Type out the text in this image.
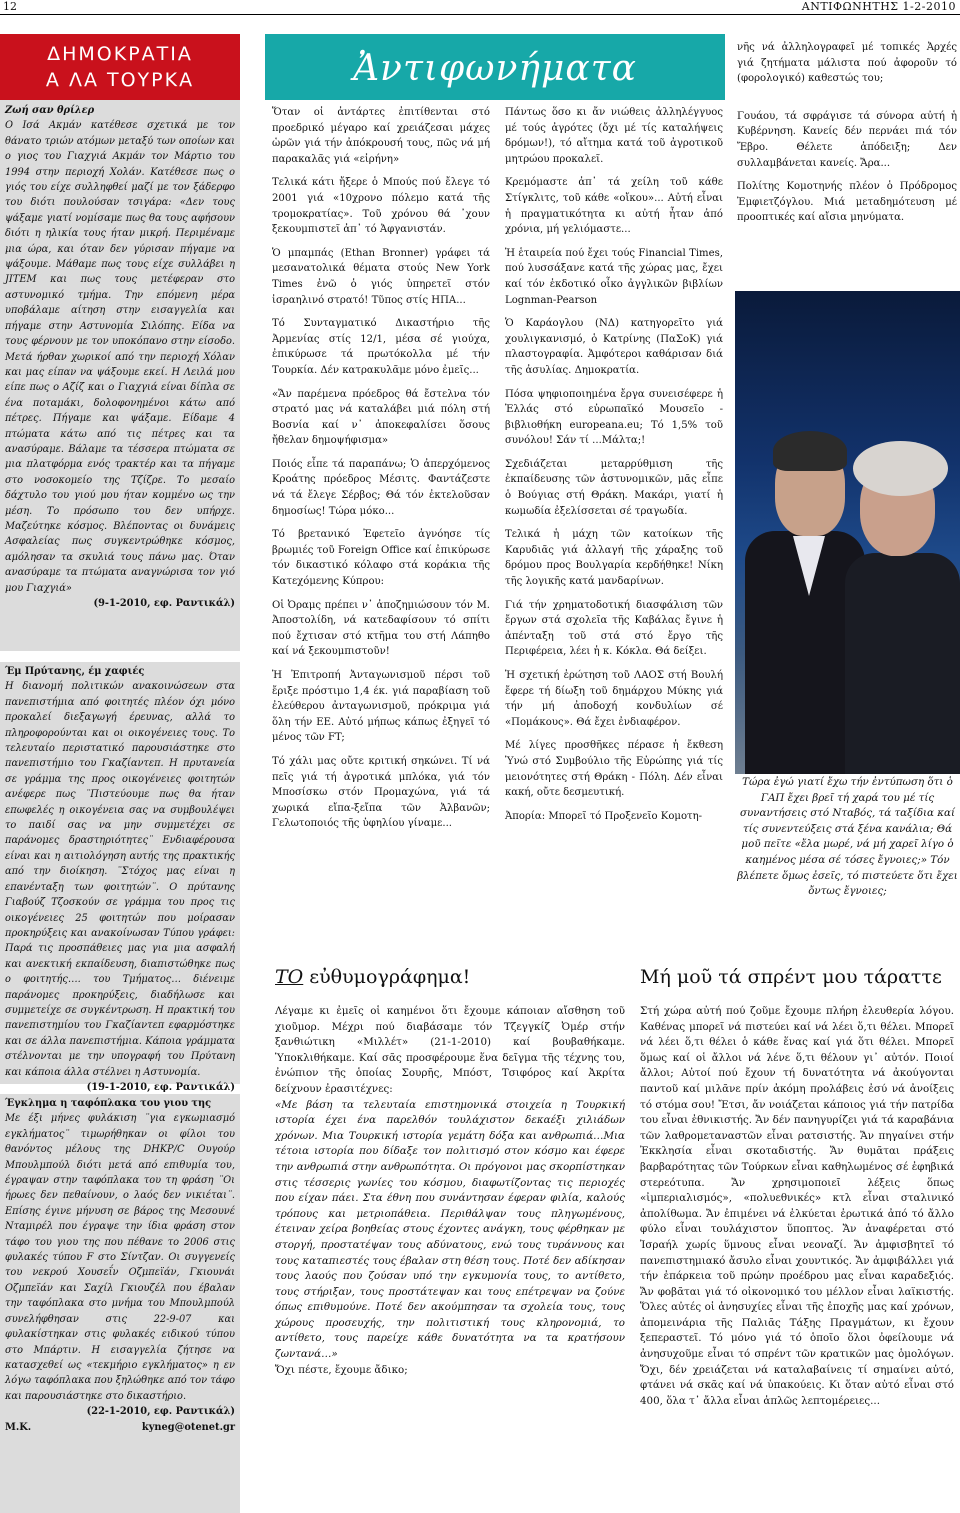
12	ΑΝΤΙΦΩΝΗΤΗΣ 1-2-2010
ΔΗΜΟΚΡΑΤΙΑ
Α ΛΑ ΤΟΥΡΚΑ
Ζωή σαν θρίλερ
Ο Ισά Ακμάν κατέθεσε σχετικά με τον θάνατο τριών ατόμων μεταξύ των οποίων και ο γιος του Γιαχγιά Ακμάν τον Μάρτιο του 1994 στην περιοχή Χολάν. Κατέθεσε πως ο γιός του είχε συλληφθεί μαζί με τον ξάδερφο του διότι πουλούσαν τσιγάρα: «Δεν τους ψάξαμε γιατί νομίσαμε πως θα τους αφήσουν διότι η ηλικία τους ήταν μικρή. Περιμέναμε μια ώρα, και όταν δεν γύρισαν πήγαμε να ψάξουμε. Μάθαμε πως τους είχε συλλάβει η JITEM και πως τους μετέφεραν στο αστυνομικό τμήμα. Την επόμενη μέρα υποβάλαμε αίτηση στην εισαγγελία και πήγαμε στην Αστυνομία Σιλόπης. Είδα να τους φέρνουν με τον υποκόπανο στην είσοδο. Μετά ήρθαν χωρικοί από την περιοχή Χόλαν και μας είπαν να ψάξουμε εκεί. Η Λειλά μου είπε πως ο Αζίζ και ο Γιαχγιά είναι δίπλα σε ένα ποταμάκι, δολοφονημένοι κάτω από πέτρες. Πήγαμε και ψάξαμε. Είδαμε 4 πτώματα κάτω από τις πέτρες και τα ανασύραμε. Βάλαμε τα τέσσερα πτώματα σε μια πλατφόρμα ενός τρακτέρ και τα πήγαμε στο νοσοκομείο της Τζίζρε. Το μεσαίο δάχτυλο του γιού μου ήταν κομμένο ως την μέση. Το πρόσωπο του δεν υπήρχε. Μαζεύτηκε κόσμος. Βλέποντας οι δυνάμεις Ασφαλείας πως συγκεντρώθηκε κόσμος, αμόλησαν τα σκυλιά τους πάνω μας. Όταν ανασύραμε τα πτώματα αναγνώρισα τον γιό μου Γιαχγιά»
(9-1-2010, εφ. Ραντικάλ)
Έμ Πρύτανης, έμ χαφιές
Η διανομή πολιτικών ανακοινώσεων στα πανεπιστήμια από φοιτητές πλέον όχι μόνο προκαλεί διεξαγωγή έρευνας, αλλά το πληροφορούνται και οι οικογένειες τους. Το τελευταίο περιστατικό παρουσιάστηκε στο πανεπιστήμιο του Γκαζίαντεπ. Η πρυτανεία σε γράμμα της προς οικογένειες φοιτητών ανέφερε πως ¨Πιστεύουμε πως θα ήταν επωφελές η οικογένεια σας να συμβουλέψει το παιδί σας να μην συμμετέχει σε παράνομες δραστηριότητες¨ Ενδιαφέρουσα είναι και η αιτιολόγηση αυτής της πρακτικής από την διοίκηση. ¨Στόχος μας είναι η επανένταξη των φοιτητών¨. Ο πρύτανης Γιαβούζ Τζοσκούν σε γράμμα του προς τις οικογένειες 25 φοιτητών που μοίρασαν προκηρύξεις και ανακοίνωσαν Τύπου γράφει: Παρά τις προσπάθειες μας για μια ασφαλή και ανεκτική εκπαίδευση, διαπιστώθηκε πως ο φοιτητής…. του Τμήματος… διένειμε παράνομες προκηρύξεις, διαδήλωσε και συμμετείχε σε συγκέντρωση. Η πρακτική του πανεπιστημίου του Γκαζίαντεπ εφαρμόστηκε και σε άλλα πανεπιστήμια. Κάποια γράμματα στέλνονται με την υπογραφή του Πρύτανη και κάποια άλλα στέλνει η Αστυνομία.
(19-1-2010, εφ. Ραντικάλ)
Έγκλημα η ταφόπλακα του γιου της
Με έξι μήνες φυλάκιση ¨για εγκωμιασμό εγκλήματος¨ τιμωρήθηκαν οι φίλοι του θανόντος μέλους της DHKP/C Ουγούρ Μπουλμπούλ διότι μετά από επιθυμία του, έγραψαν στην ταφόπλακα του τη φράση ¨Οι ήρωες δεν πεθαίνουν, ο λαός δεν νικιέται¨. Επίσης έγινε μήνυση σε βάρος της Μεσουνέ Νταμιρέλ που έγραψε την ίδια φράση στον τάφο του γιου της που πέθανε το 2006 στις φυλακές τύπου F στο Σίντζαν. Οι συγγενείς του νεκρού Χουσεΐν Οζμπεϊάν, Γκιουνάι Οζμπεϊάν και Σαχίλ Γκιουζέλ που έβαλαν την ταφόπλακα στο μνήμα του Μπουλμπούλ συνελήφθησαν στις 22-9-07 και φυλακίστηκαν στις φυλακές ειδικού τύπου στο Μπάρτιν. Η εισαγγελία ζήτησε να κατασχεθεί ως «τεκμήριο εγκλήματος» η εν λόγω ταφόπλακα που ξηλώθηκε από τον τάφο και παρουσιάστηκε στο δικαστήριο.
(22-1-2010, εφ. Ραντικάλ)
Μ.Κ.	kyneg@otenet.gr
Ἀντιφωνήματα

Ὅταν οἱ ἀντάρτες ἐπιτίθενται στό προεδρικό μέγαρο καί χρειάζεσαι μάχες ὡρῶν γιά τήν ἀπόκρουσή τους, πῶς νά μή παρακαλᾶς γιά «εἰρήνη»

Τελικά κάτι ἤξερε ὁ Μπούς πού ἔλεγε τό 2001 γιά «10χρονο πόλεμο κατά τῆς τρομοκρατίας». Τοῦ χρόνου θά ᾽χουν ξεκουμπιστεῖ ἀπ᾽ τό Ἀφγανιστάν.

Ὁ μπαμπάς (Ethan Bronner) γράφει τά μεσανατολικά θέματα στούς New York Times ἐνῶ ὁ γιός ὑπηρετεῖ στόν ἰσραηλινό στρατό! Τῦπος στίς ΗΠΑ...

Τό Συνταγματικό Δικαστήριο τῆς Ἀρμενίας στίς 12/1, μέσα σέ γιούχα, ἐπικύρωσε τά πρωτόκολλα μέ τήν Τουρκία. Δέν κατρακυλᾶμε μόνο ἐμεῖς...

«Ἄν παρέμενα πρόεδρος θά ἔστελνα τόν στρατό μας νά καταλάβει μιά πόλη στή Βοσνία καί ν᾽ ἀποκεφαλίσει ὅσους ἤθελαν δημοψήφισμα»

Ποιός εἶπε τά παραπάνω; Ὁ ἀπερχόμενος Κροάτης πρόεδρος Μέσιτς. Φαντάζεστε νά τά ἔλεγε Σέρβος; Θά τόν ἐκτελοῦσαν δημοσίως! Τώρα μόκο...

Τό βρετανικό Ἐφετεῖο ἀγνόησε τίς βρωμιές τοῦ Foreign Office καί ἐπικύρωσε τόν δικαστικό κόλαφο στά κοράκια τῆς Κατεχόμενης Κύπρου:

Οἱ Ὀραμς πρέπει ν᾽ ἀποζημιώσουν τόν Μ. Ἀποστολίδη, νά κατεδαφίσουν τό σπίτι πού ἔχτισαν στό κτῆμα του στή Λάπηθο καί νά ξεκουμπιστοῦν!

Ἡ Ἐπιτροπή Ἀνταγωνισμοῦ πέρσι τοῦ ἔριξε πρόστιμο 1,4 έκ. γιά παραβίαση τοῦ ἐλεύθερου ἀνταγωνισμοῦ, πρόκριμα γιά ὅλη τήν ΕΕ. Αὐτό μήπως κάπως ἐξηγεῖ τό μένος τῶν FT;

Τό χάλι μας οὔτε κριτική σηκώνει. Τί νά πεῖς γιά τή ἀγροτικά μπλόκα, γιά τόν Μποσίσκω στόν Προμαχώνα, γιά τά χωρικά εἴπα-ξεἴπα τῶν Ἀλβανῶν; Γελωτοποιός τῆς ὑφηλίου γίναμε...

Πάντως ὅσο κι ἄν νιώθεις ἀλληλέγγυος μέ τούς ἀγρότες (ὄχι μέ τίς καταλήψεις δρόμων!), τό αἴτημα κατά τοῦ ἀγροτικοῦ μητρώου προκαλεῖ.

Κρεμόμαστε ἀπ᾽ τά χείλη τοῦ κάθε Στίγκλιτς, τοῦ κάθε «οἴκου»... Αὐτή εἶναι ἡ πραγματικότητα κι αὐτή ἦταν ἀπό χρόνια, μή γελιόμαστε...

Ἡ ἑταιρεία πού ἔχει τούς Financial Times, πού λυσσάξανε κατά τῆς χώρας μας, ἔχει καί τόν ἐκδοτικό οἶκο ἀγγλικῶν βιβλίων Lognman-Pearson

Ὁ Καράογλου (ΝΔ) κατηγορεῖτο γιά χουλιγκανισμό, ὁ Κατρίνης (ΠαΣοΚ) γιά πλαστογραφία. Ἀμφότεροι καθάρισαν διά τῆς ἀσυλίας. Δημοκρατία.

Πόσα ψηφιοποιημένα ἔργα συνεισέφερε ἡ Ἑλλάς στό εὐρωπαϊκό Μουσεῖο - βιβλιοθήκη europeana.eu; Τό 1,5% τοῦ συνόλου! Σάν τί ...Μάλτα;!

Σχεδιάζεται μεταρρύθμιση τῆς ἐκπαίδευσης τῶν ἀστυνομικῶν, μᾶς εἶπε ὁ Βούγιας στή Θράκη. Μακάρι, γιατί ἡ κωμωδία ἐξελίσσεται σέ τραγωδία.

Τελικά ἡ μάχη τῶν κατοίκων τῆς Καρυδιᾶς γιά ἀλλαγή τῆς χάραξης τοῦ δρόμου προς Βουλγαρία κερδήθηκε! Νίκη τῆς λογικῆς κατά μανδαρίνων.

Γιά τήν χρηματοδοτική διασφάλιση τῶν ἔργων στά σχολεῖα τῆς Καβάλας ἔγινε ἡ ἀπένταξη τοῦ στά στό ἔργο τῆς Περιφέρεια, λέει ἡ κ. Κόκλα. Θά δείξει.

Ἡ σχετική ἐρώτηση τοῦ ΛΑΟΣ στή Βουλή ἔφερε τή δίωξη τοῦ δημάρχου Μύκης γιά τήν μή ἀποδοχή κονδυλίων σέ «Πομάκους». Θά ἔχει ἐνδιαφέρον.

Μέ λίγες προσθῆκες πέρασε ἡ ἔκθεση Ὑνώ στό Συμβούλιο τῆς Εὐρώπης γιά τίς μειονότητες στή Θράκη - Πόλη. Δέν εἶναι κακή, οὔτε δεσμευτική.

Ἀπορία: Μπορεῖ τό Προξενεῖο Κομοτη-

νῆς νά ἀλληλογραφεῖ μέ τοπικές Ἀρχές γιά ζητήματα μάλιστα πού ἀφοροῦν τό (φορολογικό) καθεστώς του;

Γουάου, τά σφράγισε τά σύνορα αὐτή ἡ Κυβέρνηση. Κανείς δέν περνάει πιά τόν Ἔβρο. Θέλετε ἀπόδειξη; Δεν συλλαμβάνεται κανείς. Ἄρα...

Πολίτης Κομοτηνής πλέον ὁ Πρόδρομος Ἐμφιετζόγλου. Μιά μεταδημότευση μέ προοπτικές καί αἴσια μηνύματα.

Τώρα ἐγώ γιατί ἔχω τήν ἐντύπωση ὅτι ὁ ΓΑΠ ἔχει βρεῖ τή χαρά του μέ τίς συναντήσεις στό Νταβός, τά ταξίδια καί τίς συνεντεύξεις στά ξένα κανάλια; Θά μοῦ πεῖτε «ἔλα μωρέ, νά μή χαρεῖ λίγο ὁ καημένος μέσα σέ τόσες ἔγνοιες;» Τόν βλέπετε ὅμως ἐσεῖς, τό πιστεύετε ὅτι ἔχει ὄντως ἔγνοιες;
ΤΟ εὐθυμογράφημα!
Λέγαμε κι ἐμεῖς οἱ καημένοι ὅτι ἔχουμε κάποιαν αἴσθηση τοῦ χιοῦμορ. Μέχρι πού διαβάσαμε τόν Τζεγγκίζ Ὀμέρ στήν ξανθιώτικη «Μιλλέτ» (21-1-2010) καί βουβαθήκαμε. Ὑποκλιθήκαμε. Καί σᾶς προσφέρουμε ἕνα δεῖγμα τῆς τέχνης του, ἐνώπιον τῆς ὁποίας Σουρῆς, Μπόστ, Τσιφόρος καί Ἀκρίτα δείχνουν ἐρασιτέχνες:
«Με βάση τα τελευταία επιστημονικά στοιχεία η Τουρκική ιστορία έχει ένα παρελθόν τουλάχιστον δεκαέξι χιλιάδων χρόνων. Μια Τουρκική ιστορία γεμάτη δόξα και ανθρωπιά…Μια τέτοια ιστορία που δίδαξε τον πολιτισμό στον κόσμο και έφερε την ανθρωπιά στην ανθρωπότητα. Οι πρόγονοι μας σκορπίστηκαν στις τέσσερις γωνίες του κόσμου, διαφωτίζοντας τις περιοχές που είχαν πάει. Στα έθνη που συνάντησαν έφεραν φιλία, καλούς τρόπους και μετριοπάθεια. Περιθάλψαν τους πληγωμένους, έτειναν χείρα βοηθείας στους έχοντες ανάγκη, τους φέρθηκαν με στοργή, προστατέψαν τους αδύνατους, ενώ τους τυράννους και τους καταπιεστές τους έβαλαν στη θέση τους. Ποτέ δεν αδίκησαν τους λαούς που ζούσαν υπό την εγκυμονία τους, το αντίθετο, τους στήριξαν, τους προστάτεψαν και τους επέτρεψαν να ζούνε όπως επιθυμούνε. Ποτέ δεν ακούμπησαν τα σχολεία τους, τους χώρους προσευχής, την πολιτιστική τους κληρονομιά, το αντίθετο, τους παρείχε κάθε δυνατότητα να τα κρατήσουν ζωντανά…»
Ὄχι πέστε, ἔχουμε ἄδικο;
Μή μοῦ τά σπρέντ μου τάραττε
Στή χώρα αὐτή πού ζοῦμε ἔχουμε πλήρη ἐλευθερία λόγου. Καθένας μπορεῖ νά πιστεύει καί νά λέει ὅ,τι θέλει. Μπορεῖ νά λέει ὅ,τι θέλει ὁ κάθε ἕνας καί γιά ὅτι θέλει. Μπορεῖ ὅμως καί οἱ ἄλλοι νά λένε ὅ,τι θέλουν γι᾽ αὐτόν. Ποιοί ἄλλοι; Αὐτοί πού ἔχουν τή δυνατότητα νά ἀκούγονται παντοῦ καί μιλᾶνε πρίν ἀκόμη προλάβεις ἐσύ νά ἀνοίξεις τό στόμα σου! Ἔτσι, ἄν νοιάζεται κάποιος γιά τήν πατρίδα του εἶναι ἐθνικιστής. Ἄν δέν πανηγυρίζει γιά τά καραβάνια τῶν λαθρομεταναστῶν εἶναι ρατσιστής. Ἄν πηγαίνει στήν Ἐκκλησία εἶναι σκοταδιστής. Ἄν θυμᾶται πράξεις βαρβαρότητας τῶν Τούρκων εἶναι καθηλωμένος σέ ἐφηβικά στερεότυπα. Ἄν χρησιμοποιεῖ λέξεις ὅπως «ἰμπεριαλισμός», «πολυεθνικές» κτλ εἶναι σταλινικό ἀπολίθωμα. Ἄν ἐπιμένει νά ἐλκύεται ἐρωτικά ἀπό τό ἄλλο φύλο εἶναι τουλάχιστον ὕποπτος. Ἄν ἀναφέρεται στό Ἰσραήλ χωρίς ὕμνους εἶναι νεοναζί. Ἄν ἀμφισβητεῖ τό πανεπιστημιακό ἄσυλο εἶναι χουντικός. Ἄν ἀμφιβάλλει γιά τήν ἐπάρκεια τοῦ πρώην προέδρου μας εἶναι καραδεξιός. Ἄν φοβᾶται γιά τό οἰκονομικό του μέλλον εἶναι λαϊκιστής. Ὅλες αὐτές οἱ ἀνησυχίες εἶναι τῆς ἐποχῆς μας καί χρόνων, ἀπομεινάρια τῆς Παλιᾶς Τάξης Πραγμάτων, κι ἔχουν ξεπεραστεῖ. Τό μόνο γιά τό ὁποῖο ὅλοι ὀφείλουμε νά ἀνησυχοῦμε εἶναι τό σπρέντ τῶν κρατικῶν μας ὁμολόγων. Ὄχι, δέν χρειάζεται νά καταλαβαίνεις τί σημαίνει αὐτό, φτάνει νά σκᾶς καί νά ὑπακούεις. Κι ὅταν αὐτό εἶναι στό 400, ὅλα τ᾽ ἄλλα εἶναι ἁπλῶς λεπτομέρειες...
